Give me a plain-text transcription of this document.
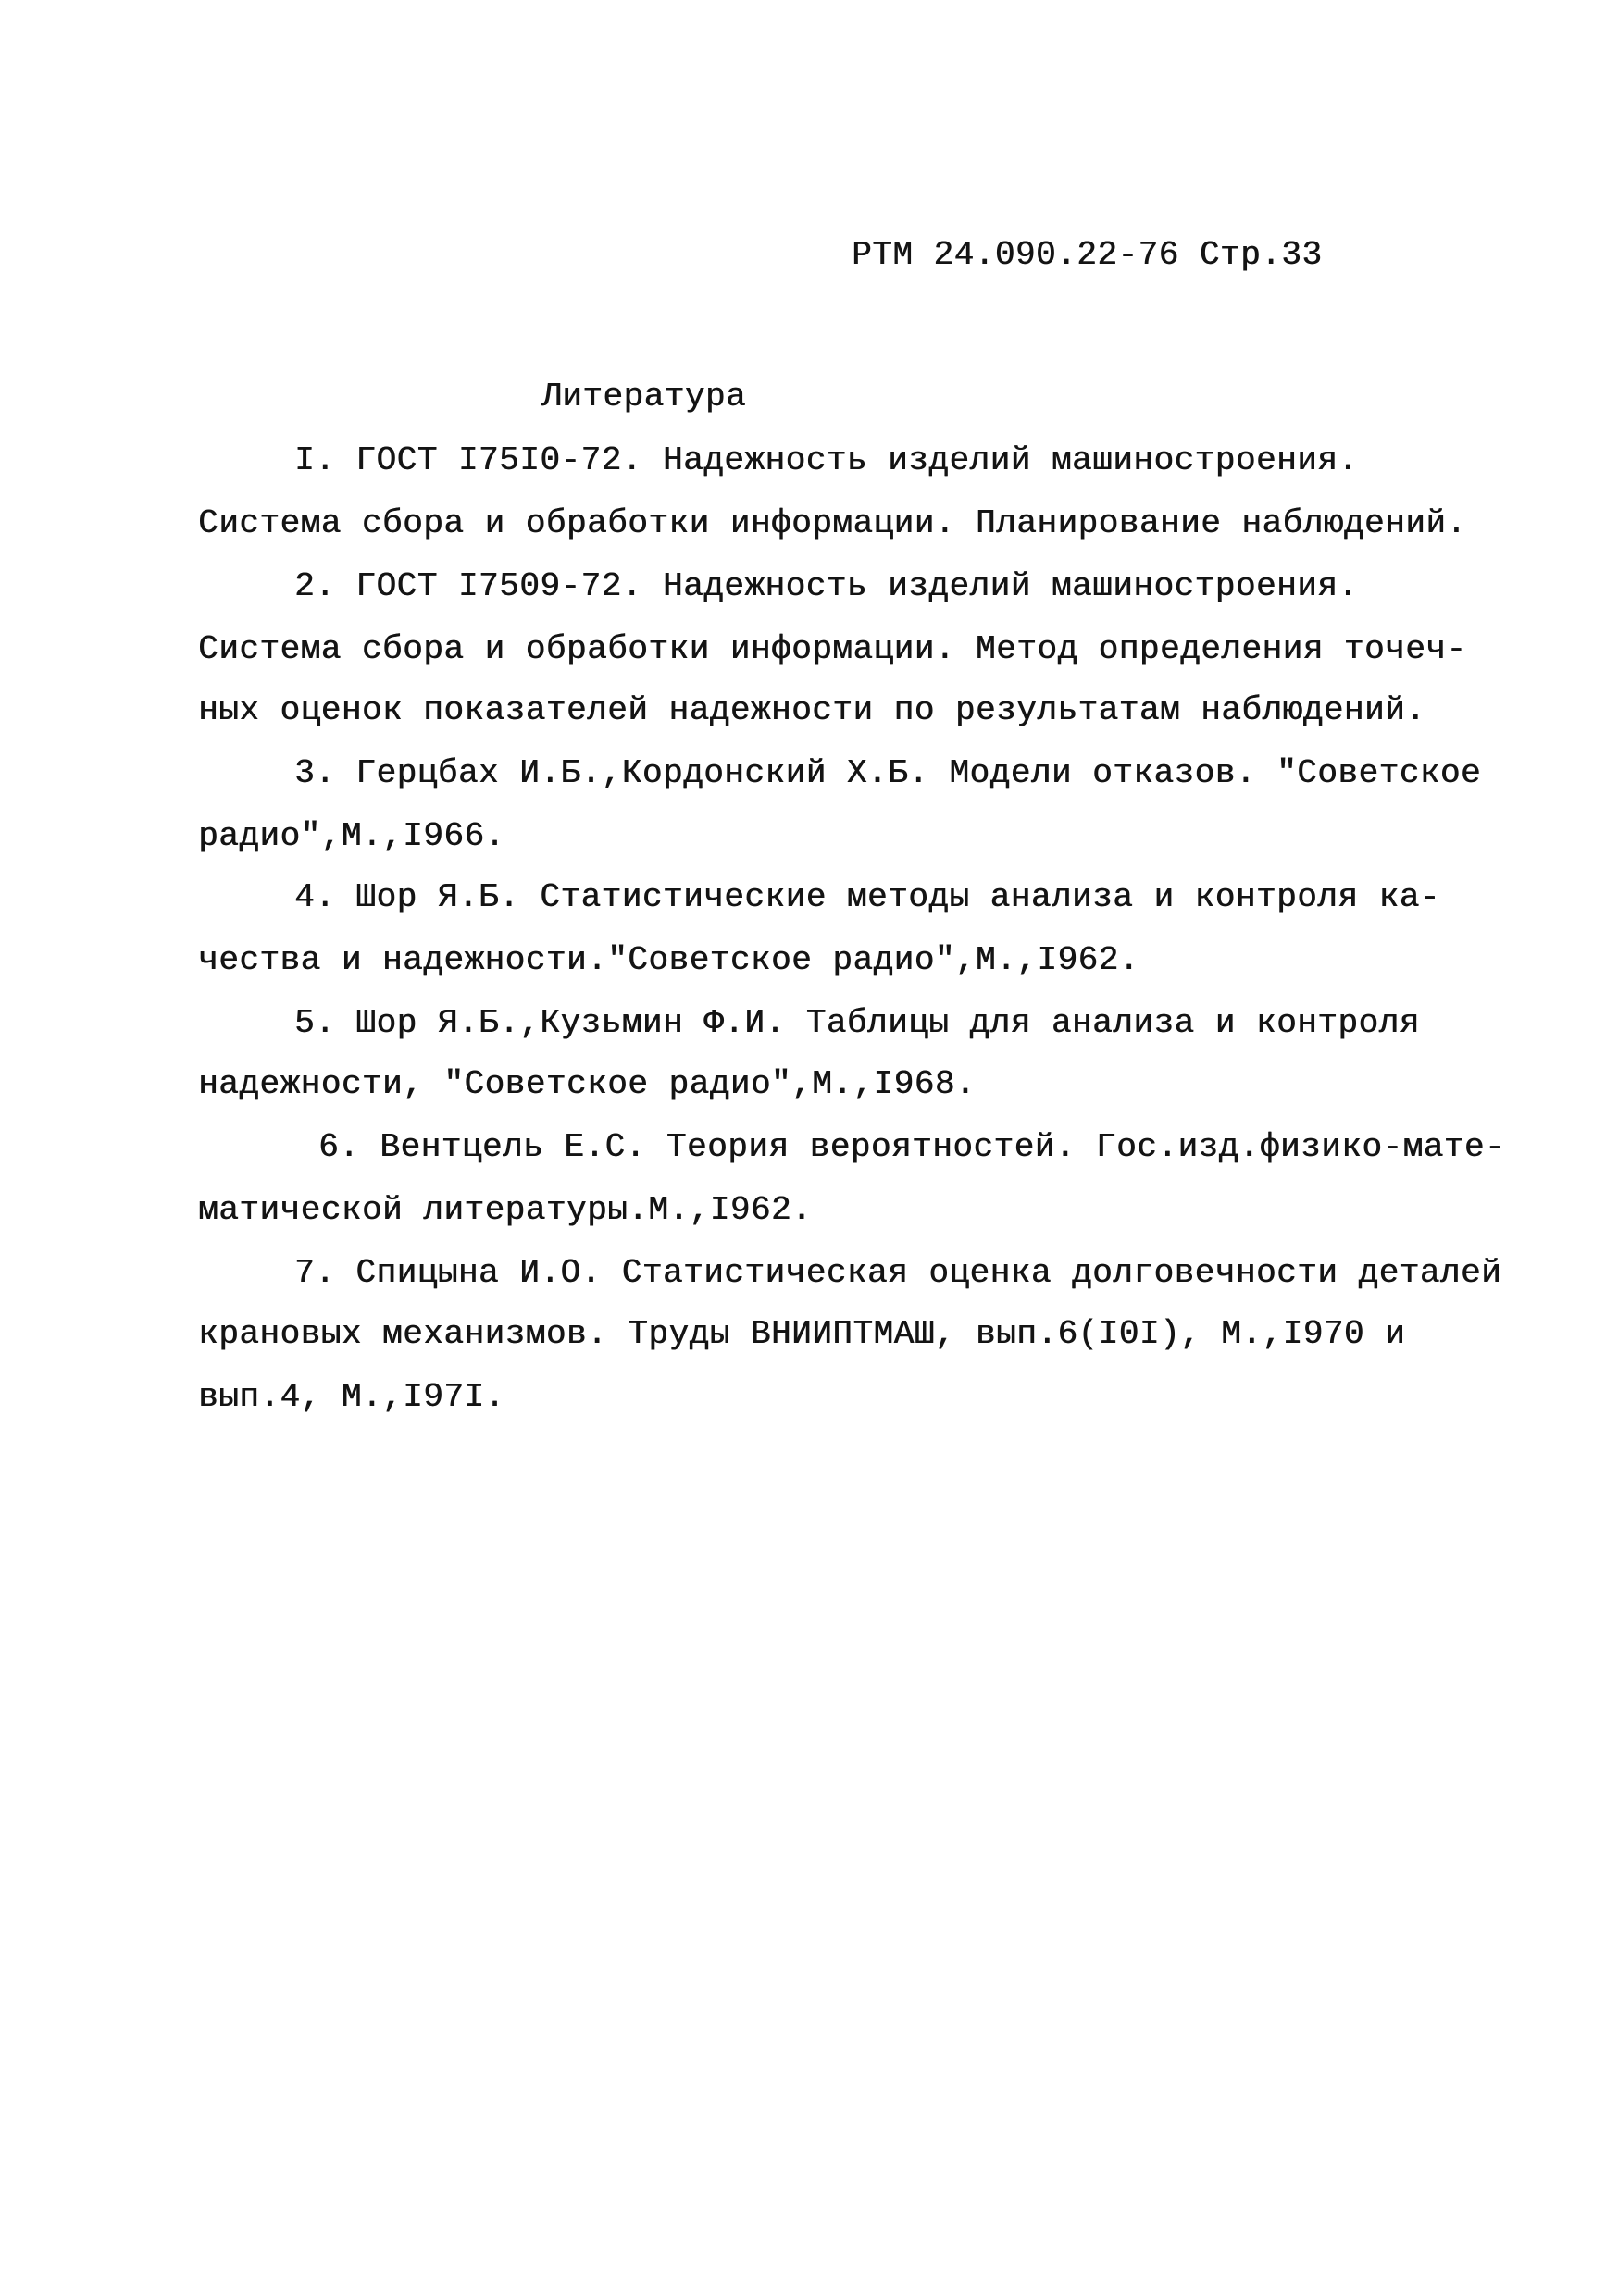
РТМ 24.090.22-76 Стр.33
Литература
I. ГОСТ I75I0-72. Надежность изделий машиностроения.
Система сбора и обработки информации. Планирование наблюдений.
2. ГОСТ I7509-72. Надежность изделий машиностроения.
Система сбора и обработки информации. Метод определения точеч-
ных оценок показателей надежности по результатам наблюдений.
3. Герцбах И.Б.,Кордонский Х.Б. Модели отказов. "Советское
радио",М.,I966.
4. Шор Я.Б. Статистические методы анализа и контроля ка-
чества и надежности."Советское радио",М.,I962.
5. Шор Я.Б.,Кузьмин Ф.И. Таблицы для анализа и контроля
надежности, "Советское радио",М.,I968.
6. Вентцель Е.С. Теория вероятностей. Гос.изд.физико-мате-
матической литературы.М.,I962.
7. Спицына И.О. Статистическая оценка долговечности деталей
крановых механизмов. Труды ВНИИПТМАШ, вып.6(I0I), М.,I970 и
вып.4, М.,I97I.
